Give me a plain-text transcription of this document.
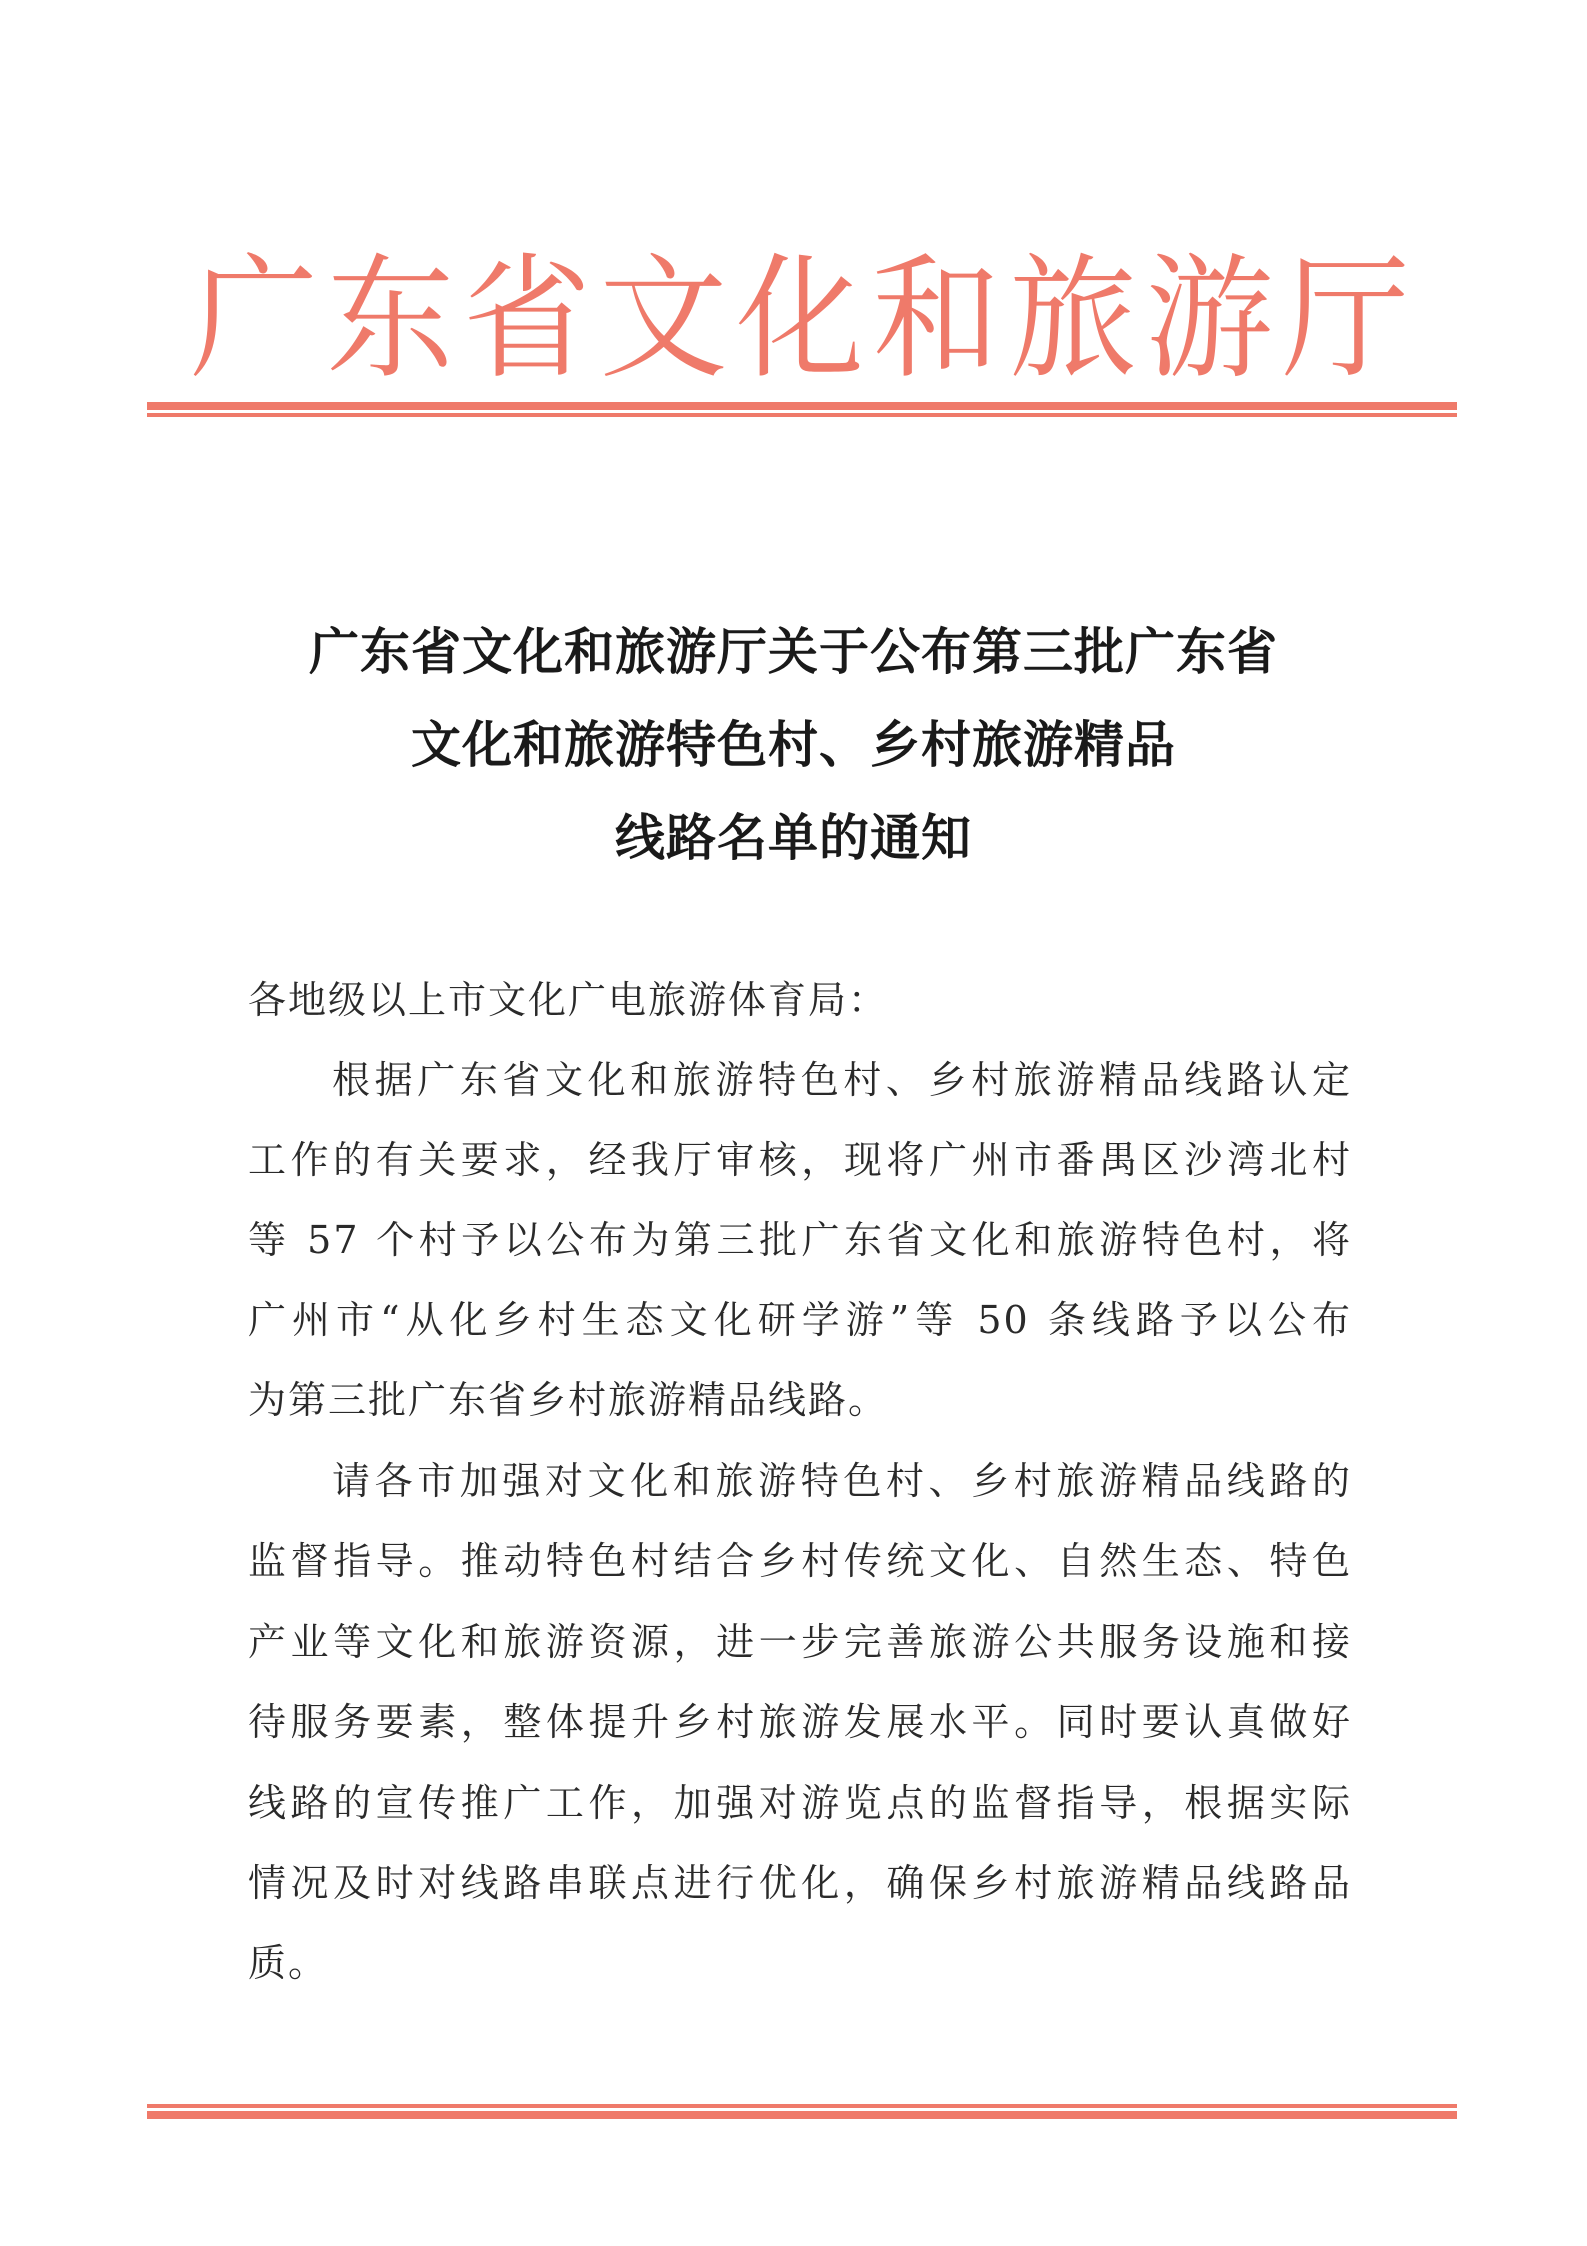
广 东 省 文 化 和 旅 游 厅
广东省文化和旅游厅关于公布第三批广东省
文化和旅游特色村、乡村旅游精品
线路名单的通知
各地级以上市文化广电旅游体育局：
根据广东省文化和旅游特色村、乡村旅游精品线路认定
工作的有关要求，经我厅审核，现将广州市番禺区沙湾北村
等 57 个村予以公布为第三批广东省文化和旅游特色村，将
广州市“从化乡村生态文化研学游”等 50 条线路予以公布
为第三批广东省乡村旅游精品线路。
请各市加强对文化和旅游特色村、乡村旅游精品线路的
监督指导。推动特色村结合乡村传统文化、自然生态、特色
产业等文化和旅游资源，进一步完善旅游公共服务设施和接
待服务要素，整体提升乡村旅游发展水平。同时要认真做好
线路的宣传推广工作，加强对游览点的监督指导，根据实际
情况及时对线路串联点进行优化，确保乡村旅游精品线路品
质。
